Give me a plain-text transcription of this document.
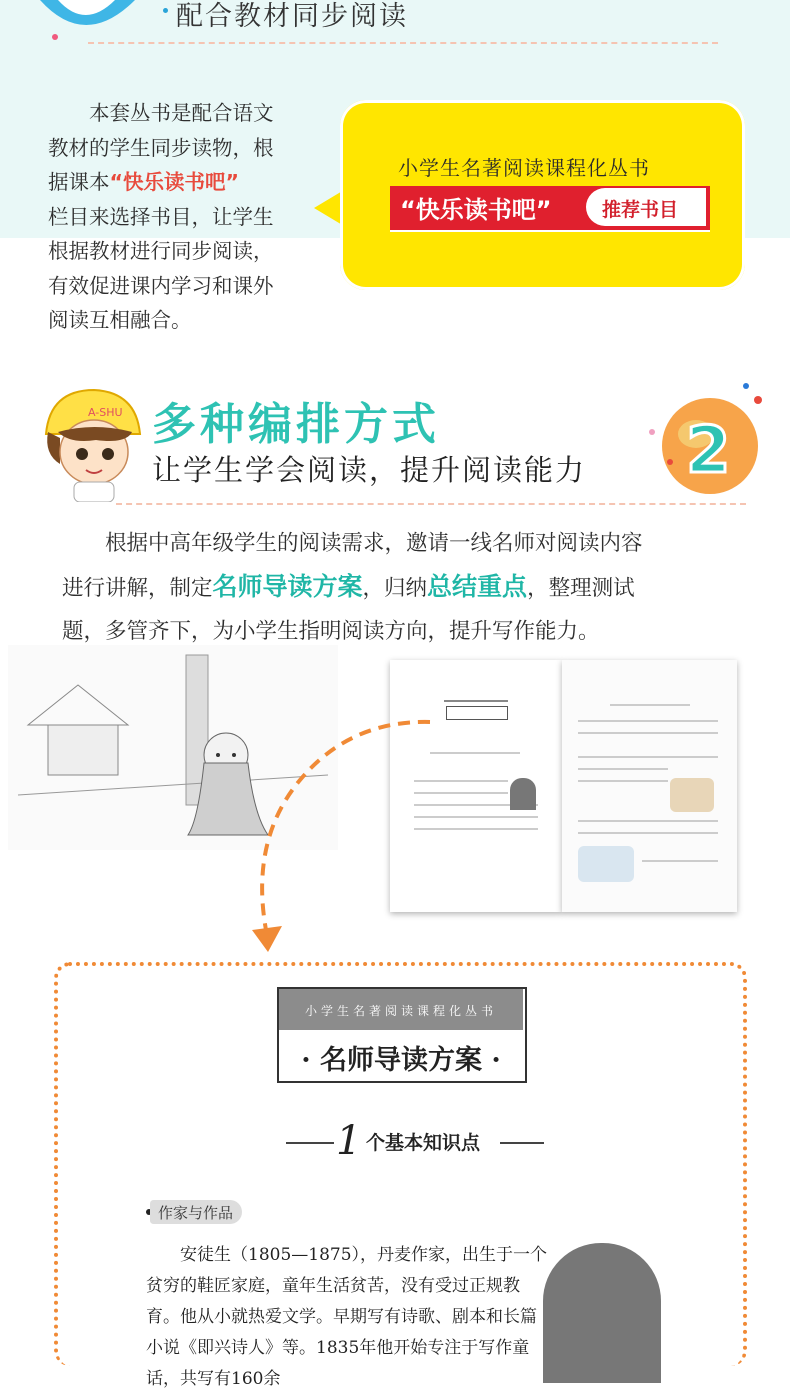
配合教材同步阅读

本套丛书是配合语文

教材的学生同步读物，根

据课本“快乐读书吧”

栏目来选择书目，让学生

根据教材进行同步阅读，

有效促进课内学习和课外

阅读互相融合。

小学生名著阅读课程化丛书
“快乐读书吧”	推荐书目
A-SHU 多种编排方式
让学生学会阅读，提升阅读能力 2
根据中高年级学生的阅读需求，邀请一线名师对阅读内容
进行讲解，制定名师导读方案，归纳总结重点，整理测试
题，多管齐下，为小学生指明阅读方向，提升写作能力。
小学生名著阅读课程化丛书
· 名师导读方案 ·
1 个基本知识点
作家与作品

安徒生（1805—1875），丹麦作家，出生于一个贫穷的鞋匠家庭，童年生活贫苦，没有受过正规教育。他从小就热爱文学。早期写有诗歌、剧本和长篇小说《即兴诗人》等。1835年他开始专注于写作童话，共写有160余
